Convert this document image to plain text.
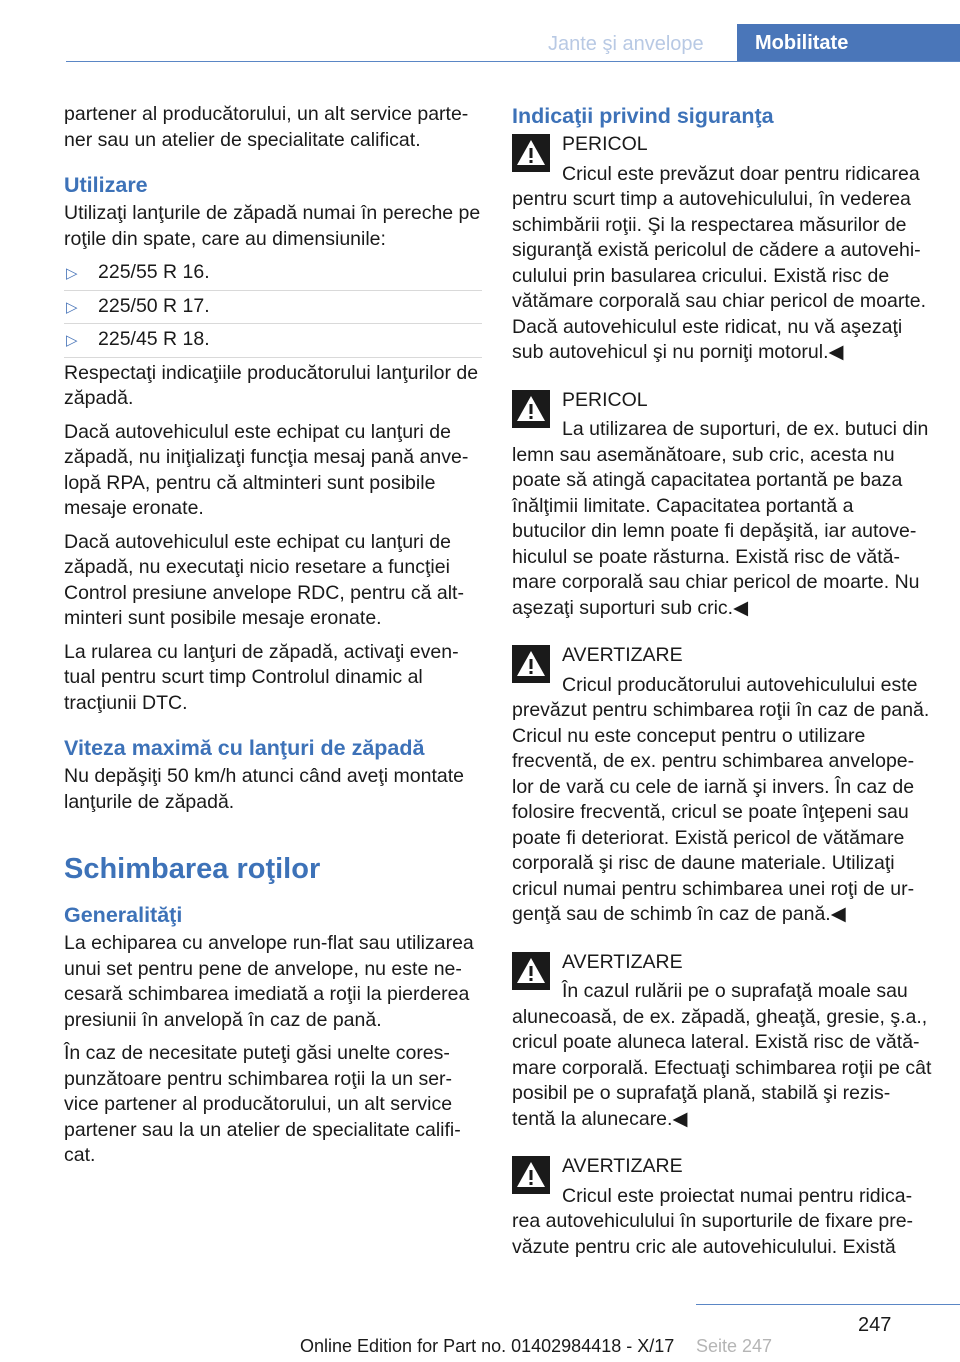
Jante şi anvelope	Mobilitate

partener al producătorului, un alt service parte‐ner sau un atelier de specialitate calificat.

Utilizare

Utilizaţi lanţurile de zăpadă numai în pereche pe roţile din spate, care au dimensiunile:

▷ 225/55 R 16.
▷ 225/50 R 17.
▷ 225/45 R 18.

Respectaţi indicaţiile producătorului lanţurilor de zăpadă.

Dacă autovehiculul este echipat cu lanţuri de zăpadă, nu iniţializaţi funcţia mesaj pană anve‐lopă RPA, pentru că altminteri sunt posibile mesaje eronate.

Dacă autovehiculul este echipat cu lanţuri de zăpadă, nu executaţi nicio resetare a funcţiei Control presiune anvelope RDC, pentru că alt‐minteri sunt posibile mesaje eronate.

La rularea cu lanţuri de zăpadă, activaţi even‐tual pentru scurt timp Controlul dinamic al tracţiunii DTC.

Viteza maximă cu lanţuri de zăpadă

Nu depăşiţi 50 km/h atunci când aveţi montate lanţurile de zăpadă.

Schimbarea roţilor
Generalităţi

La echiparea cu anvelope run-flat sau utilizarea unui set pentru pene de anvelope, nu este ne‐cesară schimbarea imediată a roţii la pierderea presiunii în anvelopă în caz de pană.

În caz de necesitate puteţi găsi unelte cores‐punzătoare pentru schimbarea roţii la un ser‐vice partener al producătorului, un alt service partener sau la un atelier de specialitate califi‐cat.

Indicaţii privind siguranţa
PERICOL

Cricul este prevăzut doar pentru ridicarea pentru scurt timp a autovehiculului, în vederea schimbării roţii. Şi la respectarea măsurilor de siguranţă există pericolul de cădere a autovehi‐culului prin basularea cricului. Există risc de vătămare corporală sau chiar pericol de moarte. Dacă autovehiculul este ridicat, nu vă aşezaţi sub autovehicul şi nu porniţi motorul.◀

PERICOL

La utilizarea de suporturi, de ex. butuci din lemn sau asemănătoare, sub cric, acesta nu poate să atingă capacitatea portantă pe baza înălţimii limitate. Capacitatea portantă a butucilor din lemn poate fi depăşită, iar autove‐hiculul se poate răsturna. Există risc de vătă‐mare corporală sau chiar pericol de moarte. Nu aşezaţi suporturi sub cric.◀

AVERTIZARE

Cricul producătorului autovehiculului este prevăzut pentru schimbarea roţii în caz de pană. Cricul nu este conceput pentru o utilizare frecventă, de ex. pentru schimbarea anvelope‐lor de vară cu cele de iarnă şi invers. În caz de folosire frecventă, cricul se poate înţepeni sau poate fi deteriorat. Există pericol de vătămare corporală şi risc de daune materiale. Utilizaţi cricul numai pentru schimbarea unei roţi de ur‐genţă sau de schimb în caz de pană.◀

AVERTIZARE

În cazul rulării pe o suprafaţă moale sau alunecoasă, de ex. zăpadă, gheaţă, gresie, ş.a., cricul poate aluneca lateral. Există risc de vătă‐mare corporală. Efectuaţi schimbarea roţii pe cât posibil pe o suprafaţă plană, stabilă şi rezis‐tentă la alunecare.◀

AVERTIZARE

Cricul este proiectat numai pentru ridica‐rea autovehiculului în suporturile de fixare pre‐văzute pentru cric ale autovehiculului. Există

247
Online Edition for Part no. 01402984418 - X/17	Seite 247
